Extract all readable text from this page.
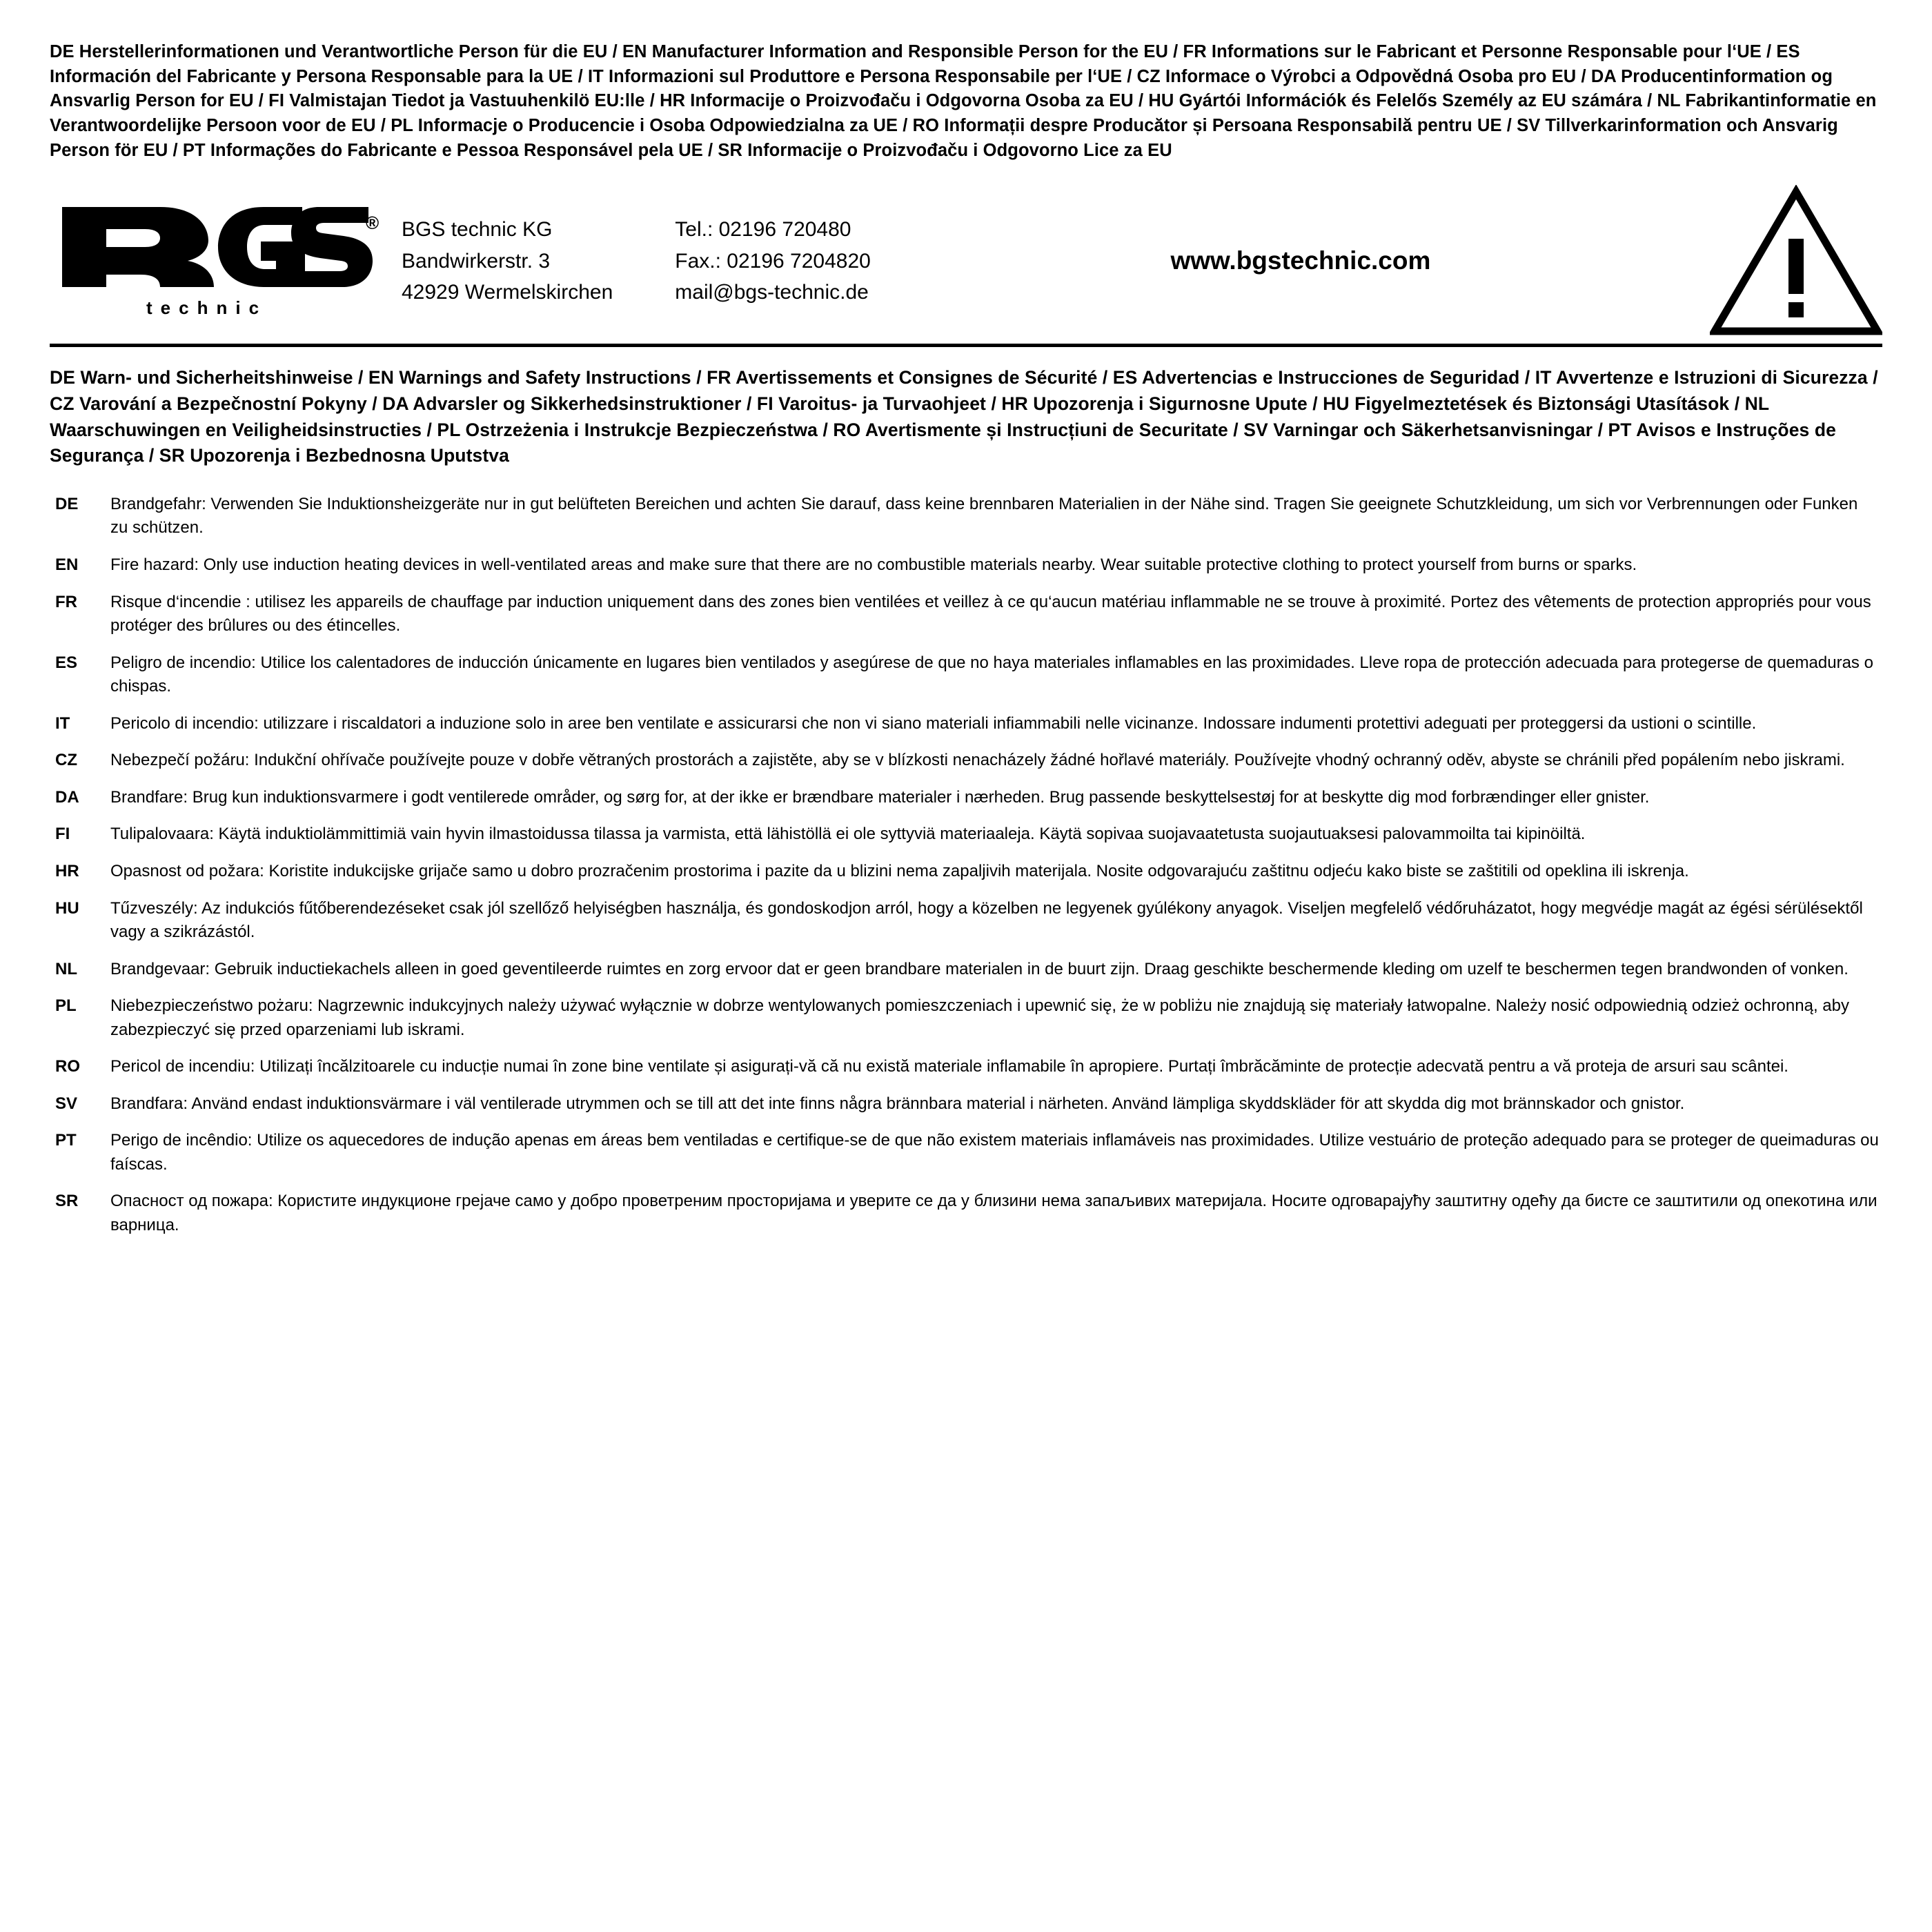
DE Herstellerinformationen und Verantwortliche Person für die EU / EN Manufacturer Information and Responsible Person for the EU / FR Informations sur le Fabricant et Personne Responsable pour l‘UE / ES Información del Fabricante y Persona Responsable para la UE / IT Informazioni sul Produttore e Persona Responsabile per l‘UE / CZ Informace o Výrobci a Odpovědná Osoba pro EU / DA Producentinformation og Ansvarlig Person for EU / FI Valmistajan Tiedot ja Vastuuhenkilö EU:lle / HR Informacije o Proizvođaču i Odgovorna Osoba za EU / HU Gyártói Információk és Felelős Személy az EU számára / NL Fabrikantinformatie en Verantwoordelijke Persoon voor de EU / PL Informacje o Producencie i Osoba Odpowiedzialna za UE / RO Informații despre Producător și Persoana Responsabilă pentru UE / SV Tillverkarinformation och Ansvarig Person för EU / PT Informações do Fabricante e Pessoa Responsável pela UE / SR Informacije o Proizvođaču i Odgovorno Lice za EU
®
technic
BGS technic KG
Bandwirkerstr. 3
42929 Wermelskirchen
Tel.: 02196 720480
Fax.: 02196 7204820
mail@bgs-technic.de
www.bgstechnic.com
DE Warn- und Sicherheitshinweise / EN Warnings and Safety Instructions / FR Avertissements et Consignes de Sécurité / ES Advertencias e Instrucciones de Seguridad / IT Avvertenze e Istruzioni di Sicurezza / CZ Varování a Bezpečnostní Pokyny / DA Advarsler og Sikkerhedsinstruktioner / FI Varoitus- ja Turvaohjeet / HR Upozorenja i Sigurnosne Upute / HU Figyelmeztetések és Biztonsági Utasítások / NL Waarschuwingen en Veiligheidsinstructies / PL Ostrzeżenia i Instrukcje Bezpieczeństwa / RO Avertismente și Instrucțiuni de Securitate / SV Varningar och Säkerhetsanvisningar / PT Avisos e Instruções de Segurança / SR Upozorenja i Bezbednosna Uputstva
DE	Brandgefahr: Verwenden Sie Induktionsheizgeräte nur in gut belüfteten Bereichen und achten Sie darauf, dass keine brennbaren Materialien in der Nähe sind. Tragen Sie geeignete Schutzkleidung, um sich vor Verbrennungen oder Funken zu schützen.
EN	Fire hazard: Only use induction heating devices in well-ventilated areas and make sure that there are no combustible materials nearby. Wear suitable protective clothing to protect yourself from burns or sparks.
FR	Risque d‘incendie : utilisez les appareils de chauffage par induction uniquement dans des zones bien ventilées et veillez à ce qu‘aucun matériau inflammable ne se trouve à proximité. Portez des vêtements de protection appropriés pour vous protéger des brûlures ou des étincelles.
ES	Peligro de incendio: Utilice los calentadores de inducción únicamente en lugares bien ventilados y asegúrese de que no haya materiales inflamables en las proximidades. Lleve ropa de protección adecuada para protegerse de quemaduras o chispas.
IT	Pericolo di incendio: utilizzare i riscaldatori a induzione solo in aree ben ventilate e assicurarsi che non vi siano materiali infiammabili nelle vicinanze. Indossare indumenti protettivi adeguati per proteggersi da ustioni o scintille.
CZ	Nebezpečí požáru: Indukční ohřívače používejte pouze v dobře větraných prostorách a zajistěte, aby se v blízkosti nenacházely žádné hořlavé materiály. Používejte vhodný ochranný oděv, abyste se chránili před popálením nebo jiskrami.
DA	Brandfare: Brug kun induktionsvarmere i godt ventilerede områder, og sørg for, at der ikke er brændbare materialer i nærheden. Brug passende beskyttelsestøj for at beskytte dig mod forbrændinger eller gnister.
FI	Tulipalovaara: Käytä induktiolämmittimiä vain hyvin ilmastoidussa tilassa ja varmista, että lähistöllä ei ole syttyviä materiaaleja. Käytä sopivaa suojavaatetusta suojautuaksesi palovammoilta tai kipinöiltä.
HR	Opasnost od požara: Koristite indukcijske grijače samo u dobro prozračenim prostorima i pazite da u blizini nema zapaljivih materijala. Nosite odgovarajuću zaštitnu odjeću kako biste se zaštitili od opeklina ili iskrenja.
HU	Tűzveszély: Az indukciós fűtőberendezéseket csak jól szellőző helyiségben használja, és gondoskodjon arról, hogy a közelben ne legyenek gyúlékony anyagok. Viseljen megfelelő védőruházatot, hogy megvédje magát az égési sérülésektől vagy a szikrázástól.
NL	Brandgevaar: Gebruik inductiekachels alleen in goed geventileerde ruimtes en zorg ervoor dat er geen brandbare materialen in de buurt zijn. Draag geschikte beschermende kleding om uzelf te beschermen tegen brandwonden of vonken.
PL	Niebezpieczeństwo pożaru: Nagrzewnic indukcyjnych należy używać wyłącznie w dobrze wentylowanych pomieszczeniach i upewnić się, że w pobliżu nie znajdują się materiały łatwopalne. Należy nosić odpowiednią odzież ochronną, aby zabezpieczyć się przed oparzeniami lub iskrami.
RO	Pericol de incendiu: Utilizați încălzitoarele cu inducție numai în zone bine ventilate și asigurați-vă că nu există materiale inflamabile în apropiere. Purtați îmbrăcăminte de protecție adecvată pentru a vă proteja de arsuri sau scântei.
SV	Brandfara: Använd endast induktionsvärmare i väl ventilerade utrymmen och se till att det inte finns några brännbara material i närheten. Använd lämpliga skyddskläder för att skydda dig mot brännskador och gnistor.
PT	Perigo de incêndio: Utilize os aquecedores de indução apenas em áreas bem ventiladas e certifique-se de que não existem materiais inflamáveis nas proximidades. Utilize vestuário de proteção adequado para se proteger de queimaduras ou faíscas.
SR	Опасност од пожара: Користите индукционе грејаче само у добро проветреним просторијама и уверите се да у близини нема запаљивих материјала. Носите одговарајућу заштитну одећу да бисте се заштитили од опекотина или варница.
